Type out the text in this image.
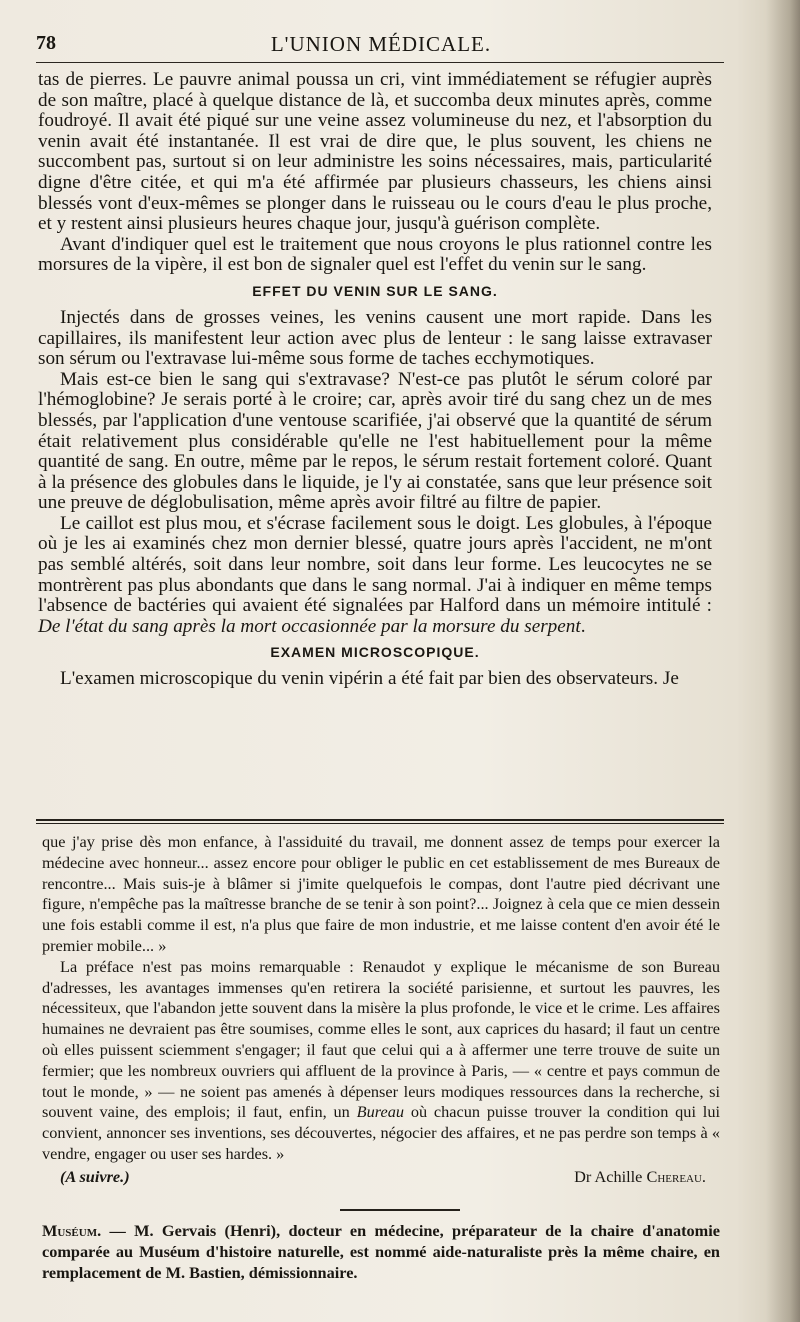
78	L'UNION MÉDICALE.

tas de pierres. Le pauvre animal poussa un cri, vint immédiatement se réfugier auprès de son maître, placé à quelque distance de là, et succomba deux minutes après, comme foudroyé. Il avait été piqué sur une veine assez volumineuse du nez, et l'absorption du venin avait été instantanée. Il est vrai de dire que, le plus souvent, les chiens ne succombent pas, surtout si on leur administre les soins nécessaires, mais, particularité digne d'être citée, et qui m'a été affirmée par plusieurs chasseurs, les chiens ainsi blessés vont d'eux-mêmes se plonger dans le ruisseau ou le cours d'eau le plus proche, et y restent ainsi plusieurs heures chaque jour, jusqu'à guérison complète.

Avant d'indiquer quel est le traitement que nous croyons le plus rationnel contre les morsures de la vipère, il est bon de signaler quel est l'effet du venin sur le sang.

EFFET DU VENIN SUR LE SANG.

Injectés dans de grosses veines, les venins causent une mort rapide. Dans les capillaires, ils manifestent leur action avec plus de lenteur : le sang laisse extravaser son sérum ou l'extravase lui-même sous forme de taches ecchymotiques.

Mais est-ce bien le sang qui s'extravase? N'est-ce pas plutôt le sérum coloré par l'hémoglobine? Je serais porté à le croire; car, après avoir tiré du sang chez un de mes blessés, par l'application d'une ventouse scarifiée, j'ai observé que la quantité de sérum était relativement plus considérable qu'elle ne l'est habituellement pour la même quantité de sang. En outre, même par le repos, le sérum restait fortement coloré. Quant à la présence des globules dans le liquide, je l'y ai constatée, sans que leur présence soit une preuve de déglobulisation, même après avoir filtré au filtre de papier.

Le caillot est plus mou, et s'écrase facilement sous le doigt. Les globules, à l'époque où je les ai examinés chez mon dernier blessé, quatre jours après l'accident, ne m'ont pas semblé altérés, soit dans leur nombre, soit dans leur forme. Les leucocytes ne se montrèrent pas plus abondants que dans le sang normal. J'ai à indiquer en même temps l'absence de bactéries qui avaient été signalées par Halford dans un mémoire intitulé : De l'état du sang après la mort occasionnée par la morsure du serpent.

EXAMEN MICROSCOPIQUE.

L'examen microscopique du venin vipérin a été fait par bien des observateurs. Je

que j'ay prise dès mon enfance, à l'assiduité du travail, me donnent assez de temps pour exercer la médecine avec honneur... assez encore pour obliger le public en cet establissement de mes Bureaux de rencontre... Mais suis-je à blâmer si j'imite quelquefois le compas, dont l'autre pied décrivant une figure, n'empêche pas la maîtresse branche de se tenir à son point?... Joignez à cela que ce mien dessein une fois establi comme il est, n'a plus que faire de mon industrie, et me laisse content d'en avoir été le premier mobile... »

La préface n'est pas moins remarquable : Renaudot y explique le mécanisme de son Bureau d'adresses, les avantages immenses qu'en retirera la société parisienne, et surtout les pauvres, les nécessiteux, que l'abandon jette souvent dans la misère la plus profonde, le vice et le crime. Les affaires humaines ne devraient pas être soumises, comme elles le sont, aux caprices du hasard; il faut un centre où elles puissent sciemment s'engager; il faut que celui qui a à affermer une terre trouve de suite un fermier; que les nombreux ouvriers qui affluent de la province à Paris, — « centre et pays commun de tout le monde, » — ne soient pas amenés à dépenser leurs modiques ressources dans la recherche, si souvent vaine, des emplois; il faut, enfin, un Bureau où chacun puisse trouver la condition qui lui convient, annoncer ses inventions, ses découvertes, négocier des affaires, et ne pas perdre son temps à « vendre, engager ou user ses hardes. »

(A suivre.)	Dr Achille Chereau.

Muséum. — M. Gervais (Henri), docteur en médecine, préparateur de la chaire d'anatomie comparée au Muséum d'histoire naturelle, est nommé aide-naturaliste près la même chaire, en remplacement de M. Bastien, démissionnaire.
